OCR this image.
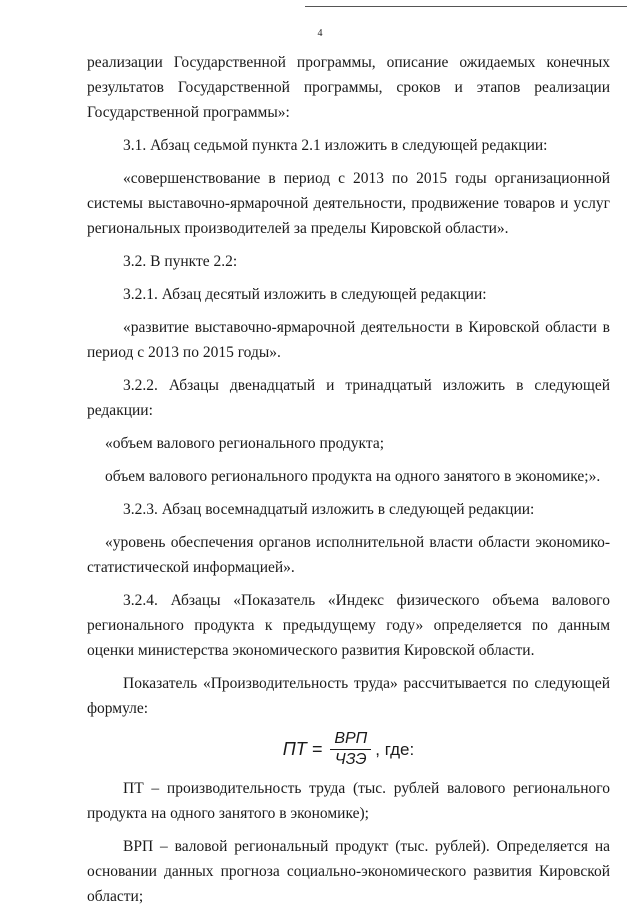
4

реализации Государственной программы, описание ожидаемых конечных результатов Государственной программы, сроков и этапов реализации Государственной программы»:

3.1. Абзац седьмой пункта 2.1 изложить в следующей редакции:

«совершенствование в период с 2013 по 2015 годы организационной системы выставочно-ярмарочной деятельности, продвижение товаров и услуг региональных производителей за пределы Кировской области».

3.2. В пункте 2.2:

3.2.1. Абзац десятый изложить в следующей редакции:

«развитие выставочно-ярмарочной деятельности в Кировской области в период с 2013 по 2015 годы».

3.2.2. Абзацы двенадцатый и тринадцатый изложить в следующей редакции:

«объем валового регионального продукта;

объем валового регионального продукта на одного занятого в экономике;».

3.2.3. Абзац восемнадцатый изложить в следующей редакции:

«уровень обеспечения органов исполнительной власти области экономико-статистической информацией».

3.2.4. Абзацы «Показатель «Индекс физического объема валового регионального продукта к предыдущему году» определяется по данным оценки министерства экономического развития Кировской области.

Показатель «Производительность труда» рассчитывается по следующей формуле:

ПТ = $\frac{\text{ВРП}}{\text{ЧЗЭ}}$ , где:

ПТ – производительность труда (тыс. рублей валового регионального продукта на одного занятого в экономике);

ВРП – валовой региональный продукт (тыс. рублей). Определяется на основании данных прогноза социально-экономического развития Кировской области;
